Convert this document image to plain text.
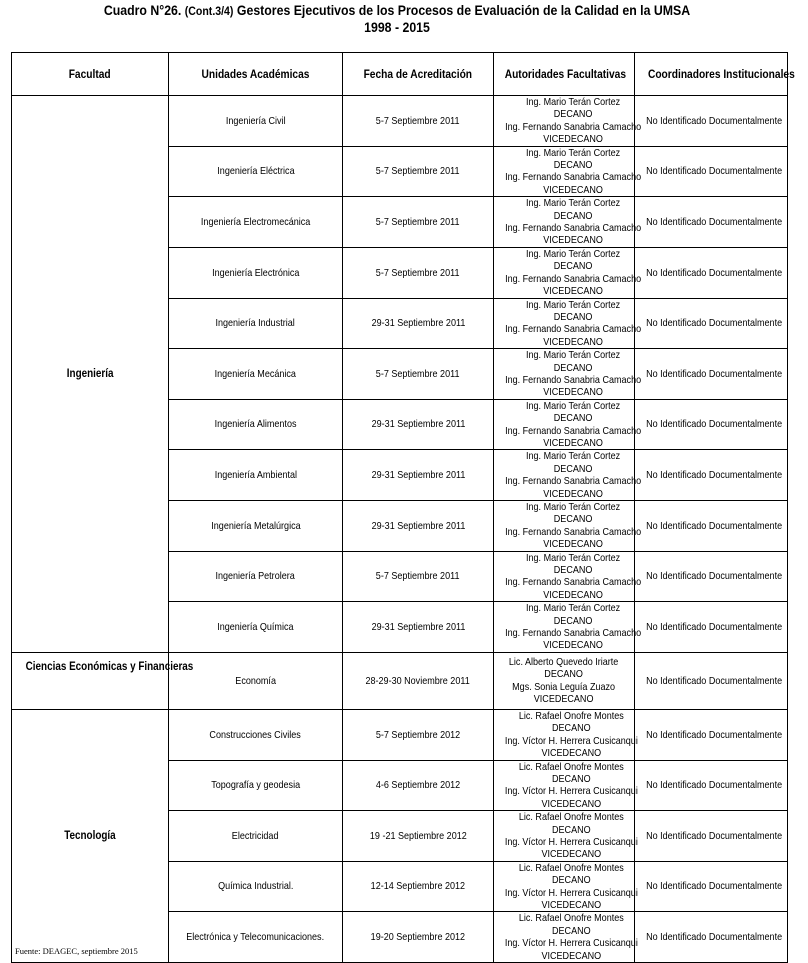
Cuadro N°26. (Cont.3/4) Gestores Ejecutivos de los Procesos de Evaluación de la Calidad en la UMSA
1998 - 2015
Facultad	Unidades Académicas	Fecha de Acreditación	Autoridades Facultativas	Coordinadores Institucionales
Ingeniería	Ingeniería Civil	5-7 Septiembre 2011	Ing. Mario Terán Cortez
DECANO
Ing. Fernando Sanabria Camacho
VICEDECANO	No Identificado Documentalmente
	Ingeniería Eléctrica	5-7 Septiembre 2011	Ing. Mario Terán Cortez
DECANO
Ing. Fernando Sanabria Camacho
VICEDECANO	No Identificado Documentalmente
	Ingeniería Electromecánica	5-7 Septiembre 2011	Ing. Mario Terán Cortez
DECANO
Ing. Fernando Sanabria Camacho
VICEDECANO	No Identificado Documentalmente
	Ingeniería Electrónica	5-7 Septiembre 2011	Ing. Mario Terán Cortez
DECANO
Ing. Fernando Sanabria Camacho
VICEDECANO	No Identificado Documentalmente
	Ingeniería Industrial	29-31 Septiembre 2011	Ing. Mario Terán Cortez
DECANO
Ing. Fernando Sanabria Camacho
VICEDECANO	No Identificado Documentalmente
	Ingeniería Mecánica	5-7 Septiembre 2011	Ing. Mario Terán Cortez
DECANO
Ing. Fernando Sanabria Camacho
VICEDECANO	No Identificado Documentalmente
	Ingeniería Alimentos	29-31 Septiembre 2011	Ing. Mario Terán Cortez
DECANO
Ing. Fernando Sanabria Camacho
VICEDECANO	No Identificado Documentalmente
	Ingeniería Ambiental	29-31 Septiembre 2011	Ing. Mario Terán Cortez
DECANO
Ing. Fernando Sanabria Camacho
VICEDECANO	No Identificado Documentalmente
	Ingeniería Metalúrgica	29-31 Septiembre 2011	Ing. Mario Terán Cortez
DECANO
Ing. Fernando Sanabria Camacho
VICEDECANO	No Identificado Documentalmente
	Ingeniería Petrolera	5-7 Septiembre 2011	Ing. Mario Terán Cortez
DECANO
Ing. Fernando Sanabria Camacho
VICEDECANO	No Identificado Documentalmente
	Ingeniería Química	29-31 Septiembre 2011	Ing. Mario Terán Cortez
DECANO
Ing. Fernando Sanabria Camacho
VICEDECANO	No Identificado Documentalmente
Ciencias Económicas y Financieras	Economía	28-29-30 Noviembre 2011	Lic. Alberto Quevedo Iriarte
DECANO
Mgs. Sonia Leguía Zuazo
VICEDECANO	No Identificado Documentalmente
Tecnología	Construcciones Civiles	5-7 Septiembre 2012	Lic. Rafael Onofre Montes
DECANO
Ing. Víctor H. Herrera Cusicanqui
VICEDECANO	No Identificado Documentalmente
	Topografía y geodesia	4-6 Septiembre 2012	Lic. Rafael Onofre Montes
DECANO
Ing. Víctor H. Herrera Cusicanqui
VICEDECANO	No Identificado Documentalmente
	Electricidad	19 -21 Septiembre 2012	Lic. Rafael Onofre Montes
DECANO
Ing. Víctor H. Herrera Cusicanqui
VICEDECANO	No Identificado Documentalmente
	Química Industrial.	12-14 Septiembre 2012	Lic. Rafael Onofre Montes
DECANO
Ing. Víctor H. Herrera Cusicanqui
VICEDECANO	No Identificado Documentalmente
	Electrónica y Telecomunicaciones.	19-20 Septiembre 2012	Lic. Rafael Onofre Montes
DECANO
Ing. Víctor H. Herrera Cusicanqui
VICEDECANO	No Identificado Documentalmente
Fuente: DEAGEC, septiembre 2015
